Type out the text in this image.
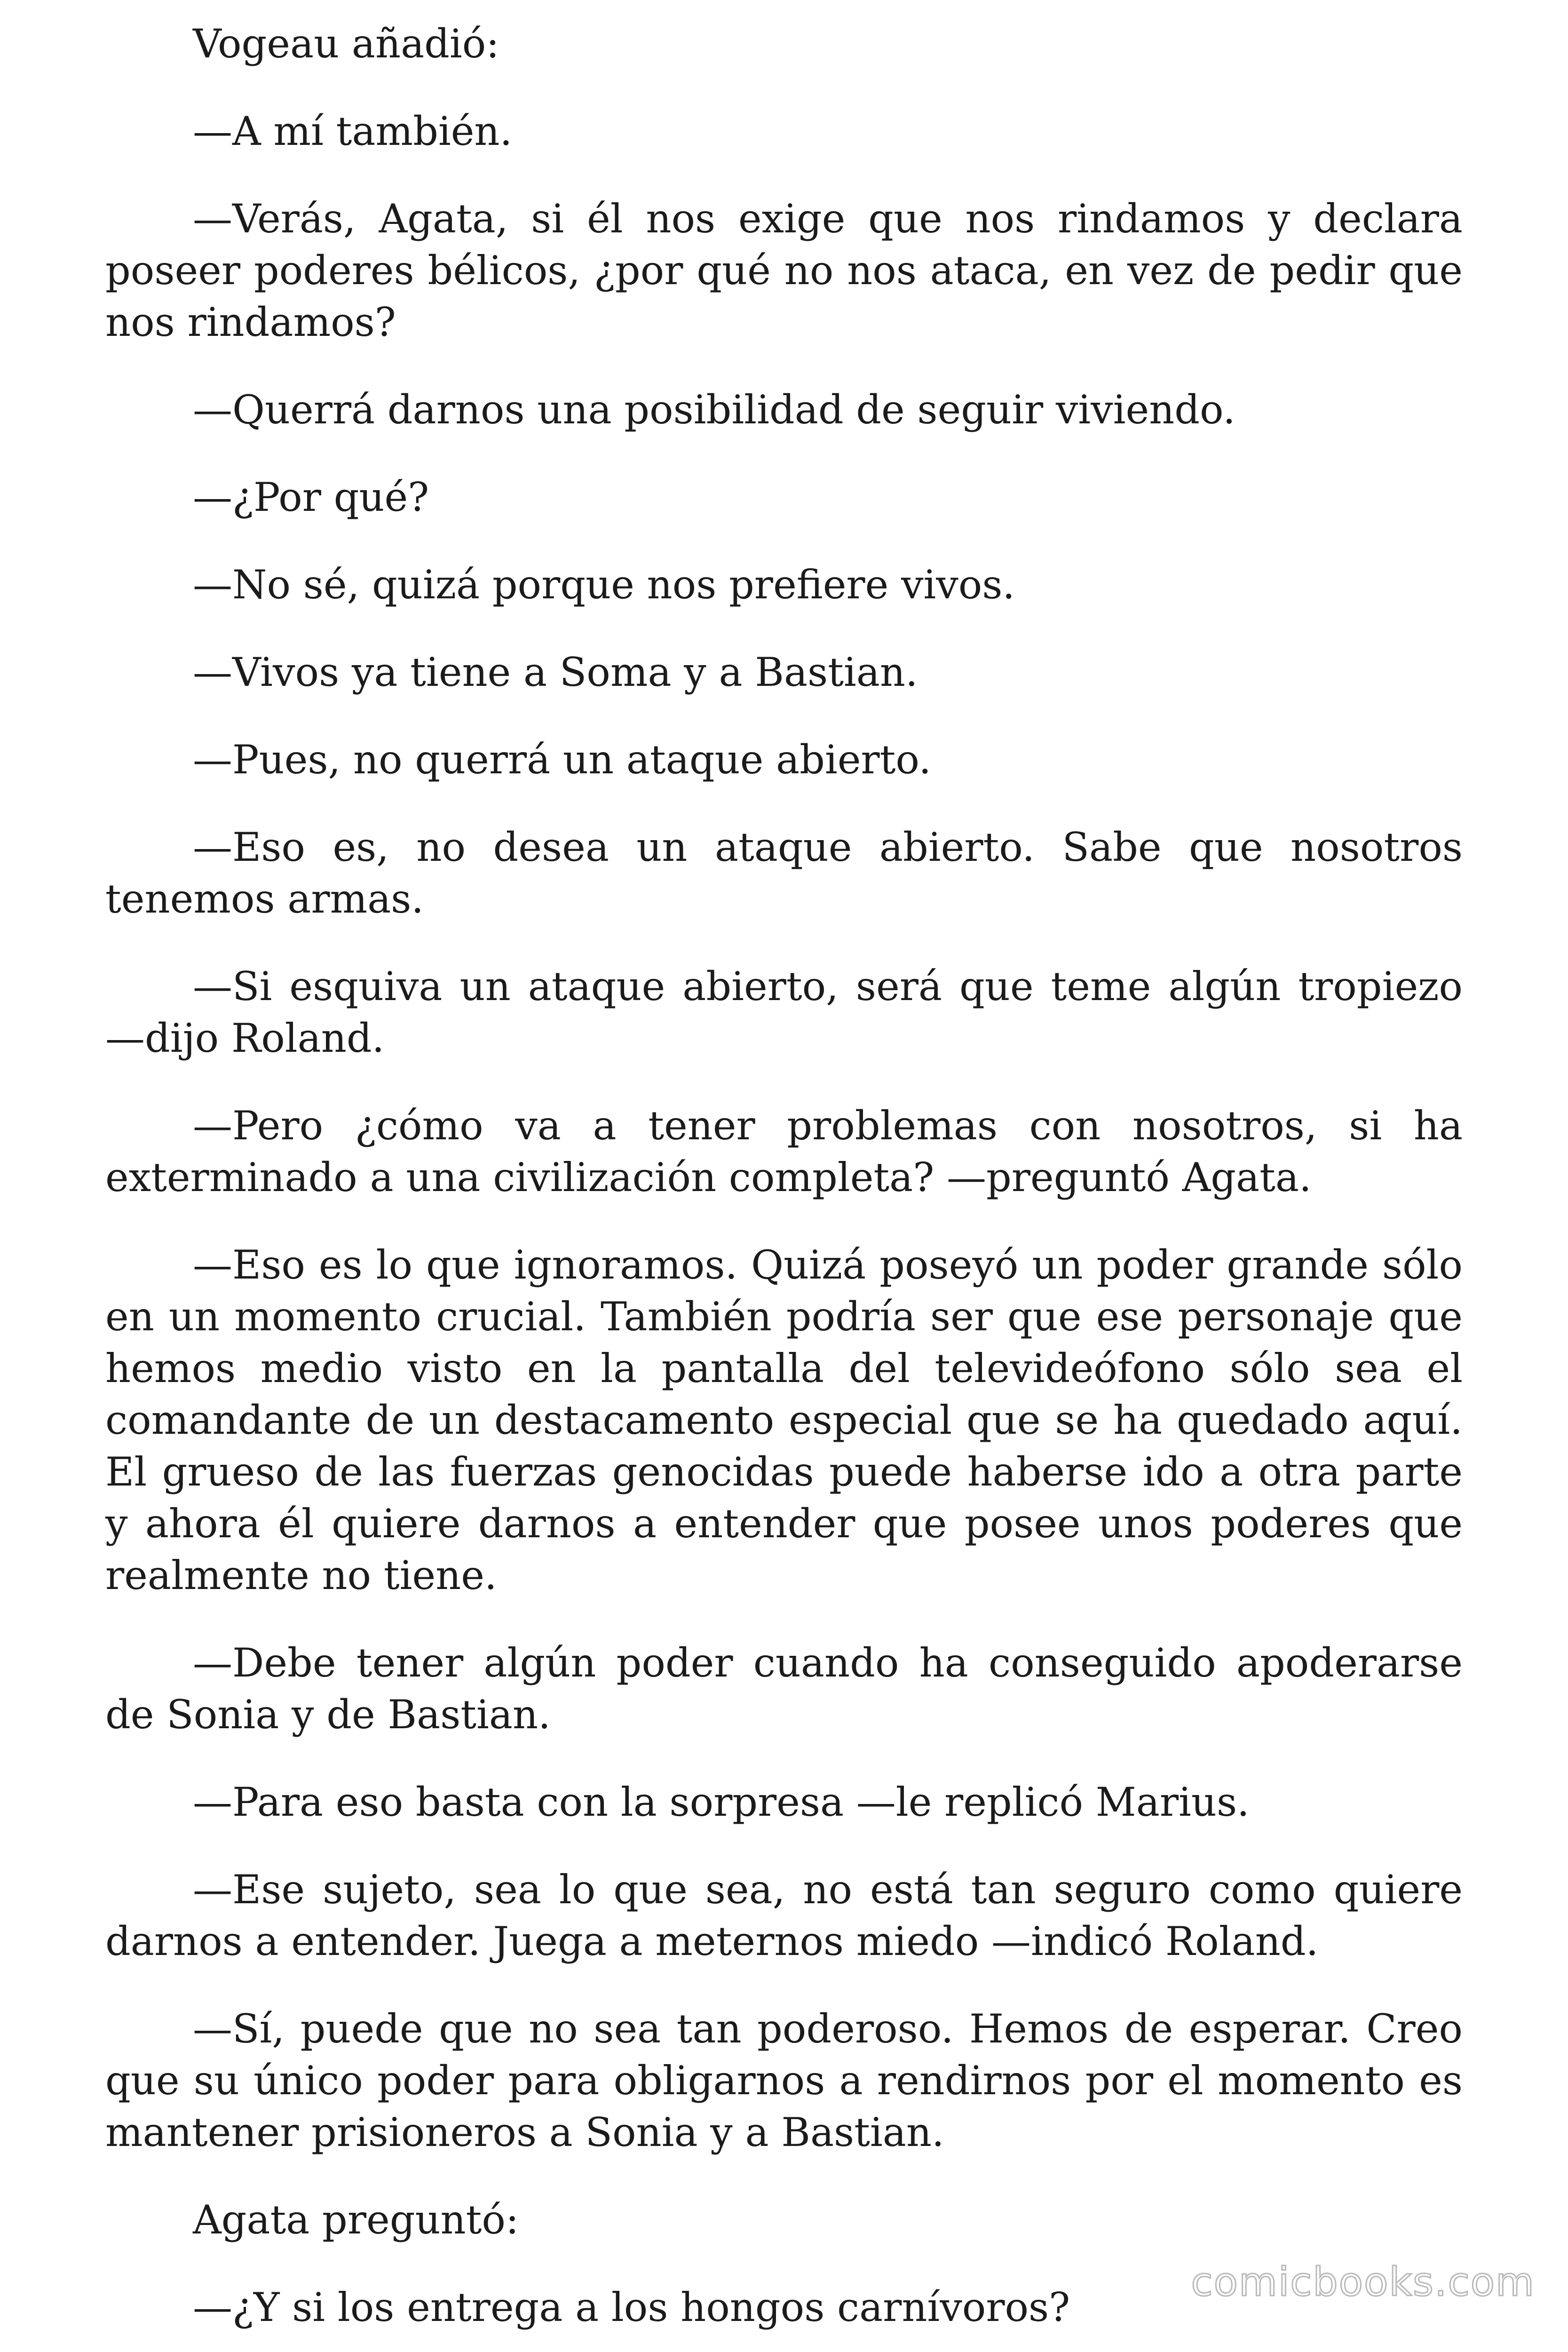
Vogeau añadió:

—A mí también.

—Verás, Agata, si él nos exige que nos rindamos y declara poseer poderes bélicos, ¿por qué no nos ataca, en vez de pedir que nos rindamos?

—Querrá darnos una posibilidad de seguir viviendo.

—¿Por qué?

—No sé, quizá porque nos prefiere vivos.

—Vivos ya tiene a Soma y a Bastian.

—Pues, no querrá un ataque abierto.

—Eso es, no desea un ataque abierto. Sabe que nosotros tenemos armas.

—Si esquiva un ataque abierto, será que teme algún tropiezo —dijo Roland.

—Pero ¿cómo va a tener problemas con nosotros, si ha exterminado a una civilización completa? —preguntó Agata.

—Eso es lo que ignoramos. Quizá poseyó un poder grande sólo en un momento crucial. También podría ser que ese personaje que hemos medio visto en la pantalla del televideófono sólo sea el comandante de un destacamento especial que se ha quedado aquí. El grueso de las fuerzas genocidas puede haberse ido a otra parte y ahora él quiere darnos a entender que posee unos poderes que realmente no tiene.

—Debe tener algún poder cuando ha conseguido apoderarse de Sonia y de Bastian.

—Para eso basta con la sorpresa —le replicó Marius.

—Ese sujeto, sea lo que sea, no está tan seguro como quiere darnos a entender. Juega a meternos miedo —indicó Roland.

—Sí, puede que no sea tan poderoso. Hemos de esperar. Creo que su único poder para obligarnos a rendirnos por el momento es mantener prisioneros a Sonia y a Bastian.

Agata preguntó:

—¿Y si los entrega a los hongos carnívoros?

comicbooks.com
